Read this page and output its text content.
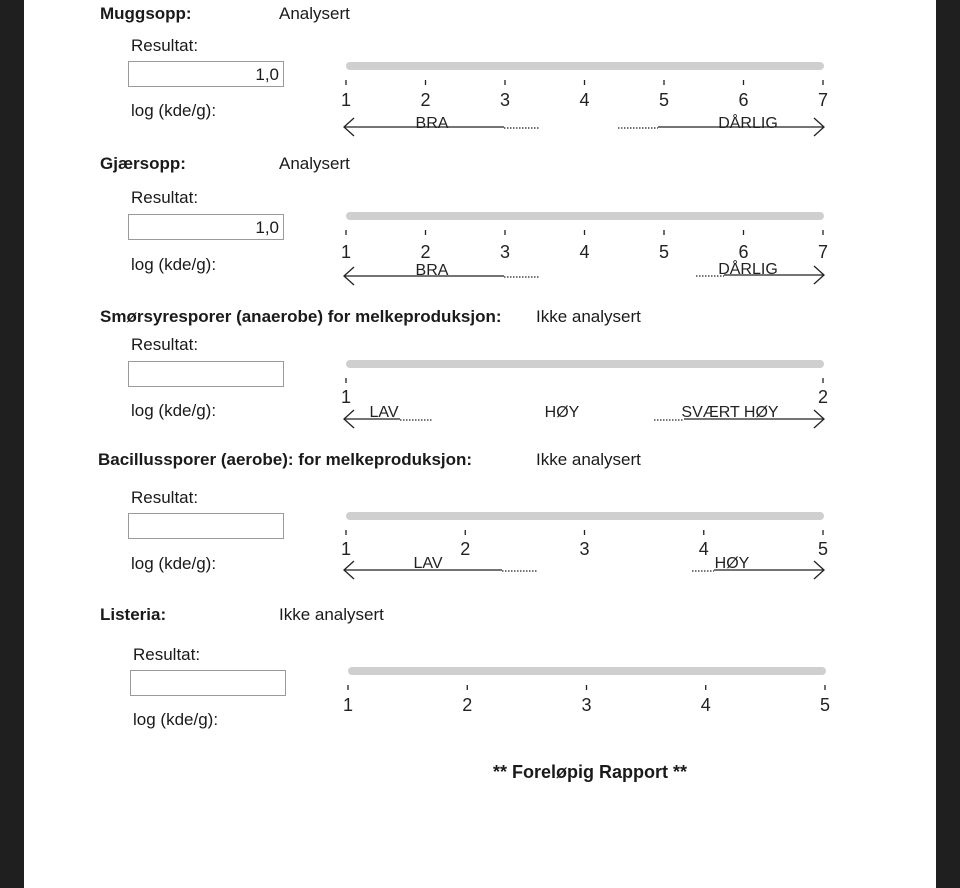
Muggsopp:	Analysert
Resultat:
1,0
log (kde/g):
1	2	3	4	5	6	7
BRA	DÅRLIG
Gjærsopp:	Analysert
Resultat:
1,0
log (kde/g):
1	2	3	4	5	6	7
BRA	DÅRLIG
Smørsyresporer (anaerobe) for melkeproduksjon: Ikke analysert
Resultat:
log (kde/g):
1	2
LAV	HØY	SVÆRT HØY
Bacillussporer (aerobe): for melkeproduksjon:	Ikke analysert
Resultat:
log (kde/g):
1	2	3	4	5
LAV	HØY
Listeria:	Ikke analysert
Resultat:
log (kde/g):
1	2	3	4	5
** Foreløpig Rapport **
